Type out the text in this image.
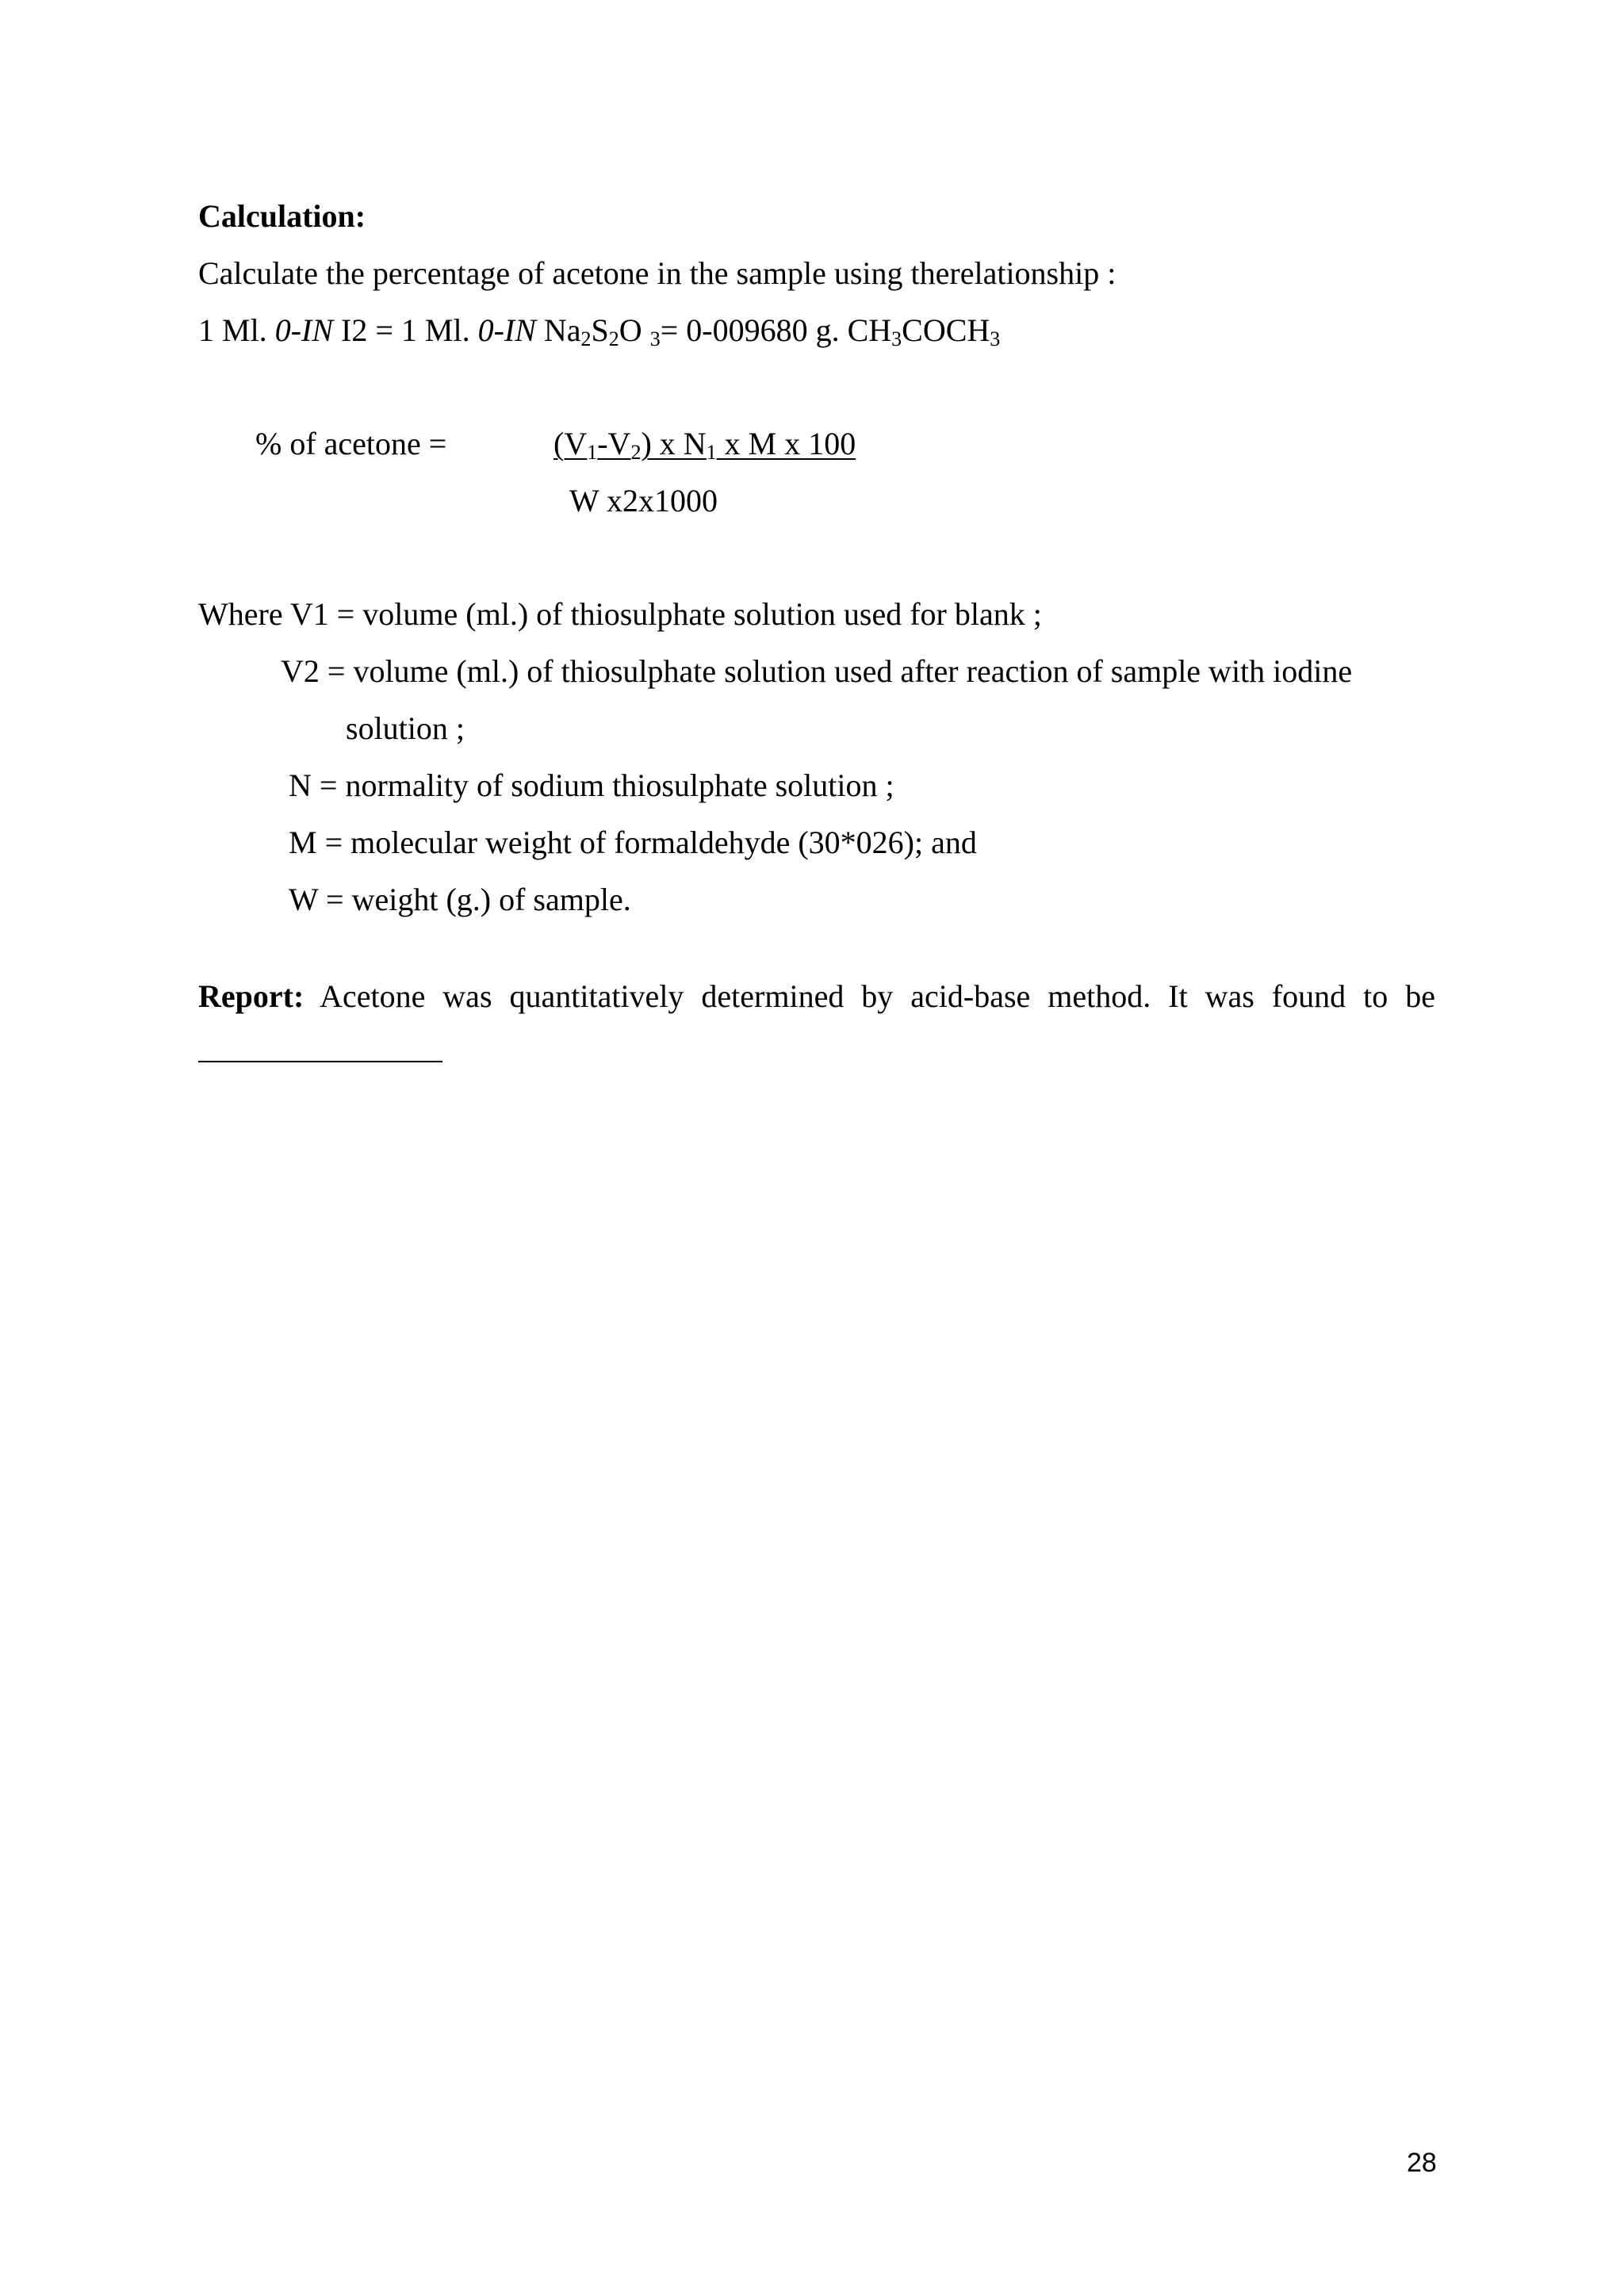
Calculation:
Calculate the percentage of acetone in the sample using therelationship :
1 Ml. 0-IN I2 = 1 Ml. 0-IN $Na_2S_2O$ $_3$= 0-009680 g. $CH_3COCH_3$
% of acetone =	$(V_1-V_2)$ x $N_1$ x M x 100
W x2x1000
Where V1 = volume (ml.) of thiosulphate solution used for blank ;
V2 = volume (ml.) of thiosulphate solution used after reaction of sample with iodine
solution ;
N = normality of sodium thiosulphate solution ;
M = molecular weight of formaldehyde (30*026); and
W = weight (g.) of sample.
Report: Acetone was quantitatively determined by acid-base method. It was found to be
28
